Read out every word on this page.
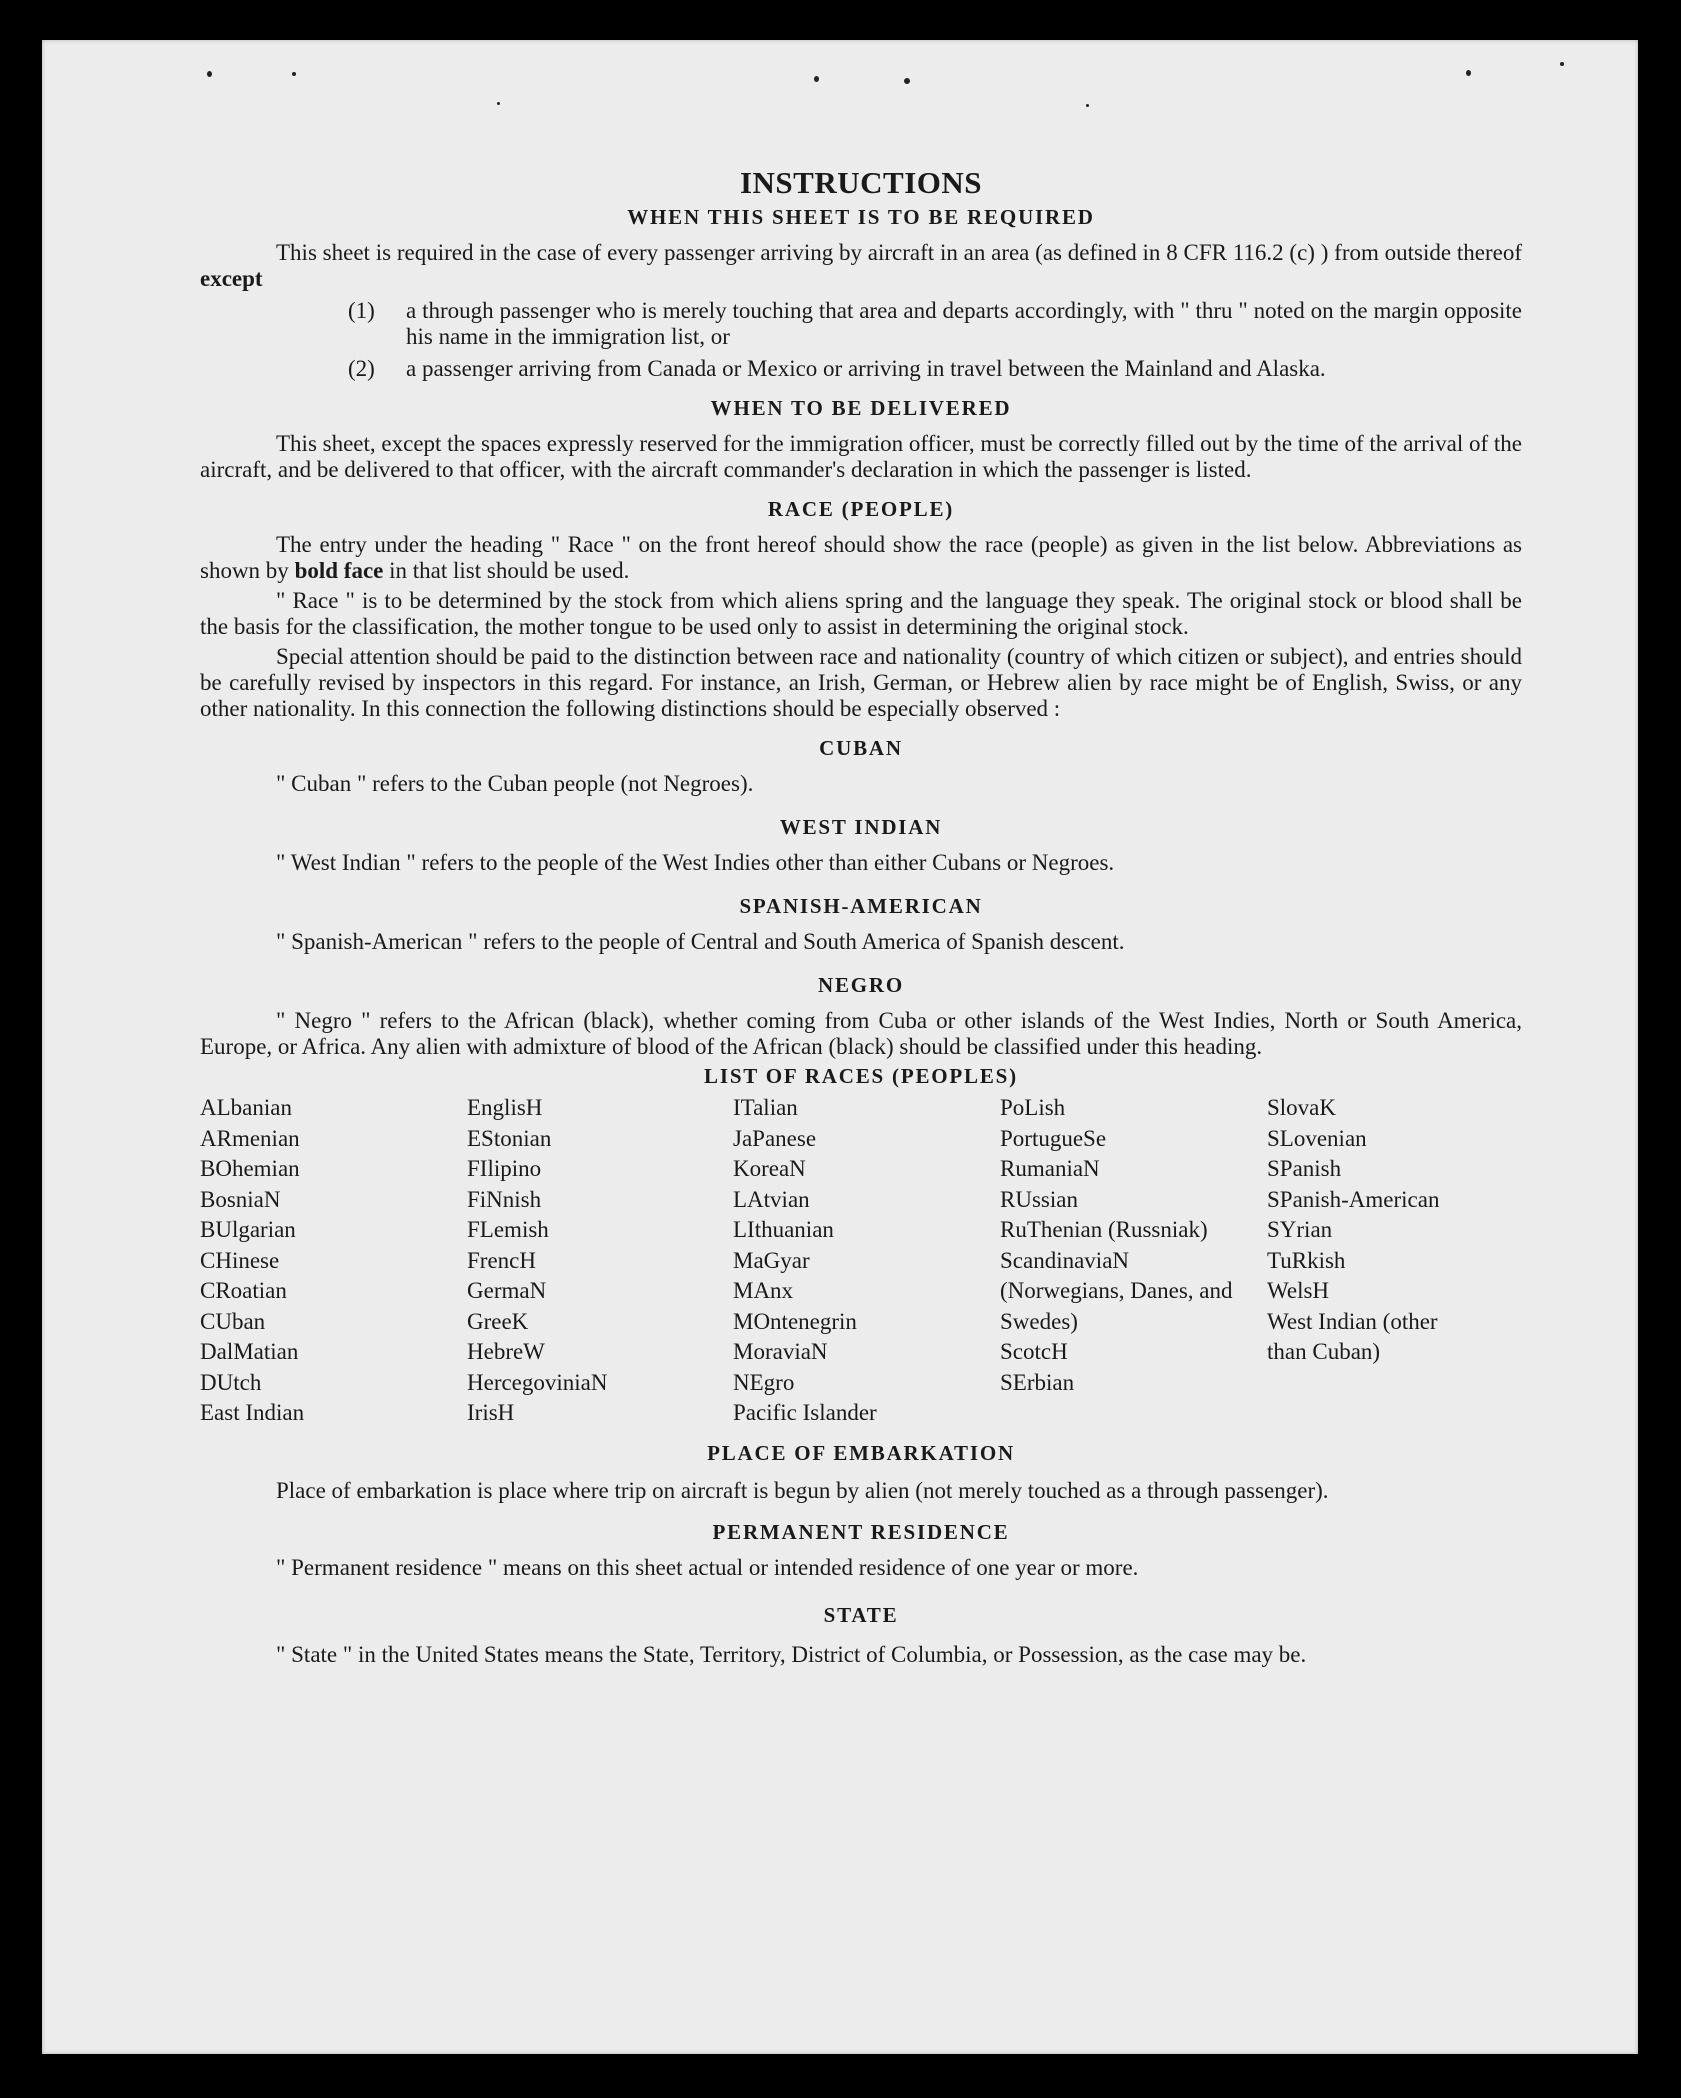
INSTRUCTIONS
WHEN THIS SHEET IS TO BE REQUIRED

This sheet is required in the case of every passenger arriving by aircraft in an area (as defined in 8 CFR 116.2 (c) ) from outside thereof except

(1)	a through passenger who is merely touching that area and departs accordingly, with " thru " noted on the margin opposite his name in the immigration list, or
(2)	a passenger arriving from Canada or Mexico or arriving in travel between the Mainland and Alaska.
WHEN TO BE DELIVERED

This sheet, except the spaces expressly reserved for the immigration officer, must be correctly filled out by the time of the arrival of the aircraft, and be delivered to that officer, with the aircraft commander's declaration in which the passenger is listed.

RACE (PEOPLE)

The entry under the heading " Race " on the front hereof should show the race (people) as given in the list below. Abbreviations as shown by bold face in that list should be used.

" Race " is to be determined by the stock from which aliens spring and the language they speak. The original stock or blood shall be the basis for the classification, the mother tongue to be used only to assist in determining the original stock.

Special attention should be paid to the distinction between race and nationality (country of which citizen or subject), and entries should be carefully revised by inspectors in this regard. For instance, an Irish, German, or Hebrew alien by race might be of English, Swiss, or any other nationality. In this connection the following distinctions should be especially observed :

CUBAN

" Cuban " refers to the Cuban people (not Negroes).

WEST INDIAN

" West Indian " refers to the people of the West Indies other than either Cubans or Negroes.

SPANISH-AMERICAN

" Spanish-American " refers to the people of Central and South America of Spanish descent.

NEGRO

" Negro " refers to the African (black), whether coming from Cuba or other islands of the West Indies, North or South America, Europe, or Africa. Any alien with admixture of blood of the African (black) should be classified under this heading.

LIST OF RACES (PEOPLES)
ALbanian
ARmenian
BOhemian
BosniaN
BUlgarian
CHinese
CRoatian
CUban
DalMatian
DUtch
East Indian
EnglisH
EStonian
FIlipino
FiNnish
FLemish
FrencH
GermaN
GreeK
HebreW
HercegoviniaN
IrisH
ITalian
JaPanese
KoreaN
LAtvian
LIthuanian
MaGyar
MAnx
MOntenegrin
MoraviaN
NEgro
Pacific Islander
PoLish
PortugueSe
RumaniaN
RUssian
RuThenian (Russniak)
ScandinaviaN (Norwegians, Danes, and Swedes)
ScotcH
SErbian
SlovaK
SLovenian
SPanish
SPanish-American
SYrian
TuRkish
WelsH
West Indian (other than Cuban)
PLACE OF EMBARKATION

Place of embarkation is place where trip on aircraft is begun by alien (not merely touched as a through passenger).

PERMANENT RESIDENCE

" Permanent residence " means on this sheet actual or intended residence of one year or more.

STATE

" State " in the United States means the State, Territory, District of Columbia, or Possession, as the case may be.
